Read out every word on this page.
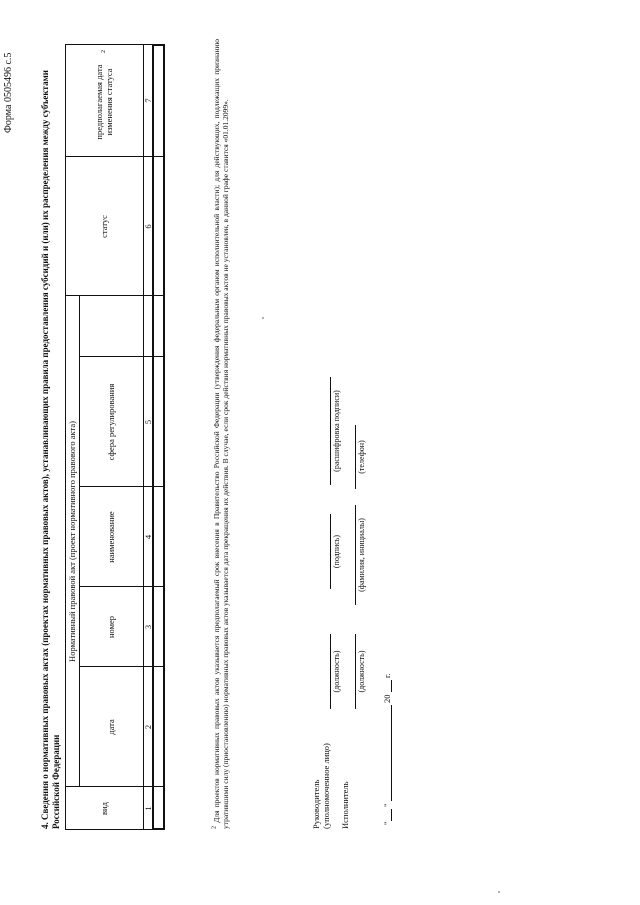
Форма 0505496 с.5	4. Сведения о нормативных правовых актах (проектах нормативных правовых актов), устанавливающих правила предоставления субсидий и (или) их распределения между субъектами Российской Федерации
Нормативный правовой акт (проект нормативного правового акта)
вид
дата
номер
наименование
сфера регулирования
статус
предполагаемая дата изменения статуса
2
1
2
3
4
5
6
7
$^2$ Для проектов нормативных правовых актов указывается предполагаемый срок внесения в Правительство Российской Федерации (утверждения федеральным органом исполнительной власти); для действующих, подлежащих признанию утратившими силу (приостановлению) нормативных правовых актов указывается дата прекращения их действия. В случае, если срок действия нормативных правовых актов не установлен, в данной графе ставится «01.01.2099».	Руководитель (уполномоченное лицо)
(должность)
(подпись)
(расшифровка подписи)
Исполнитель
(должность)
(фамилия, инициалы)
(телефон)
"
"
20
г.
